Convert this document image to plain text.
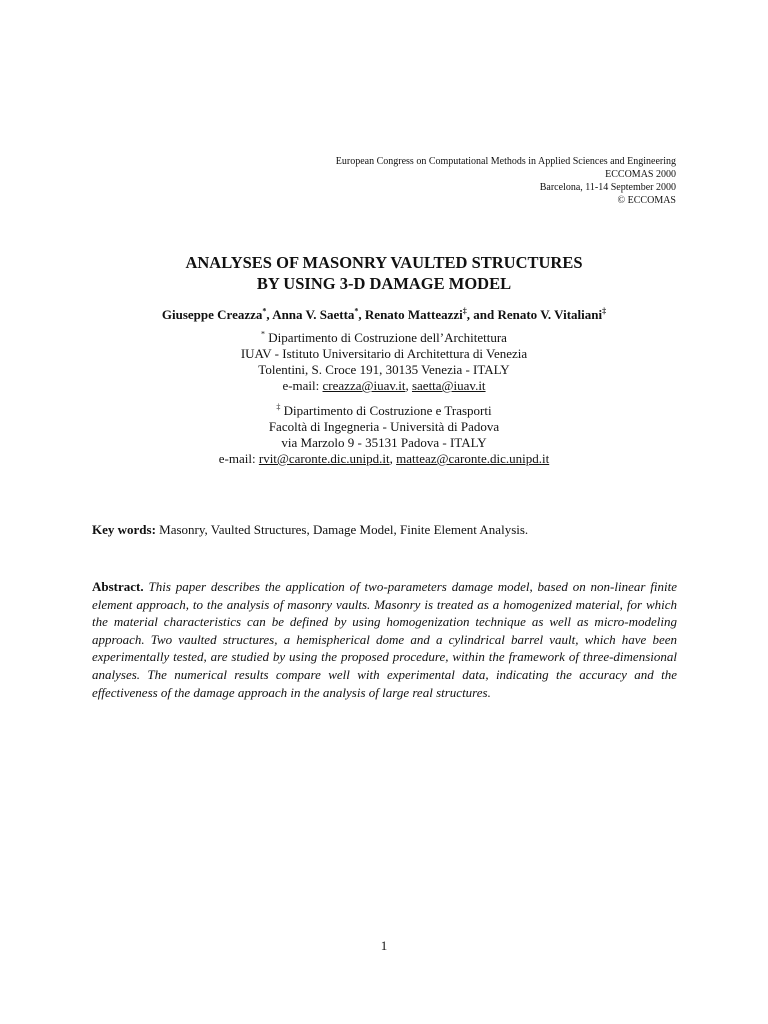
European Congress on Computational Methods in Applied Sciences and Engineering
ECCOMAS 2000
Barcelona, 11-14 September 2000
© ECCOMAS
ANALYSES OF MASONRY VAULTED STRUCTURES
BY USING 3-D DAMAGE MODEL
Giuseppe Creazza*, Anna V. Saetta*, Renato Matteazzi‡, and Renato V. Vitaliani‡
* Dipartimento di Costruzione dell’Architettura
IUAV - Istituto Universitario di Architettura di Venezia
Tolentini, S. Croce 191, 30135 Venezia - ITALY
e-mail: creazza@iuav.it, saetta@iuav.it
‡ Dipartimento di Costruzione e Trasporti
Facoltà di Ingegneria - Università di Padova
via Marzolo 9 - 35131 Padova - ITALY
e-mail: rvit@caronte.dic.unipd.it, matteaz@caronte.dic.unipd.it
Key words: Masonry, Vaulted Structures, Damage Model, Finite Element Analysis.
Abstract. This paper describes the application of two-parameters damage model, based on non-linear finite element approach, to the analysis of masonry vaults. Masonry is treated as a homogenized material, for which the material characteristics can be defined by using homogenization technique as well as micro-modeling approach. Two vaulted structures, a hemispherical dome and a cylindrical barrel vault, which have been experimentally tested, are studied by using the proposed procedure, within the framework of three-dimensional analyses. The numerical results compare well with experimental data, indicating the accuracy and the effectiveness of the damage approach in the analysis of large real structures.
1
